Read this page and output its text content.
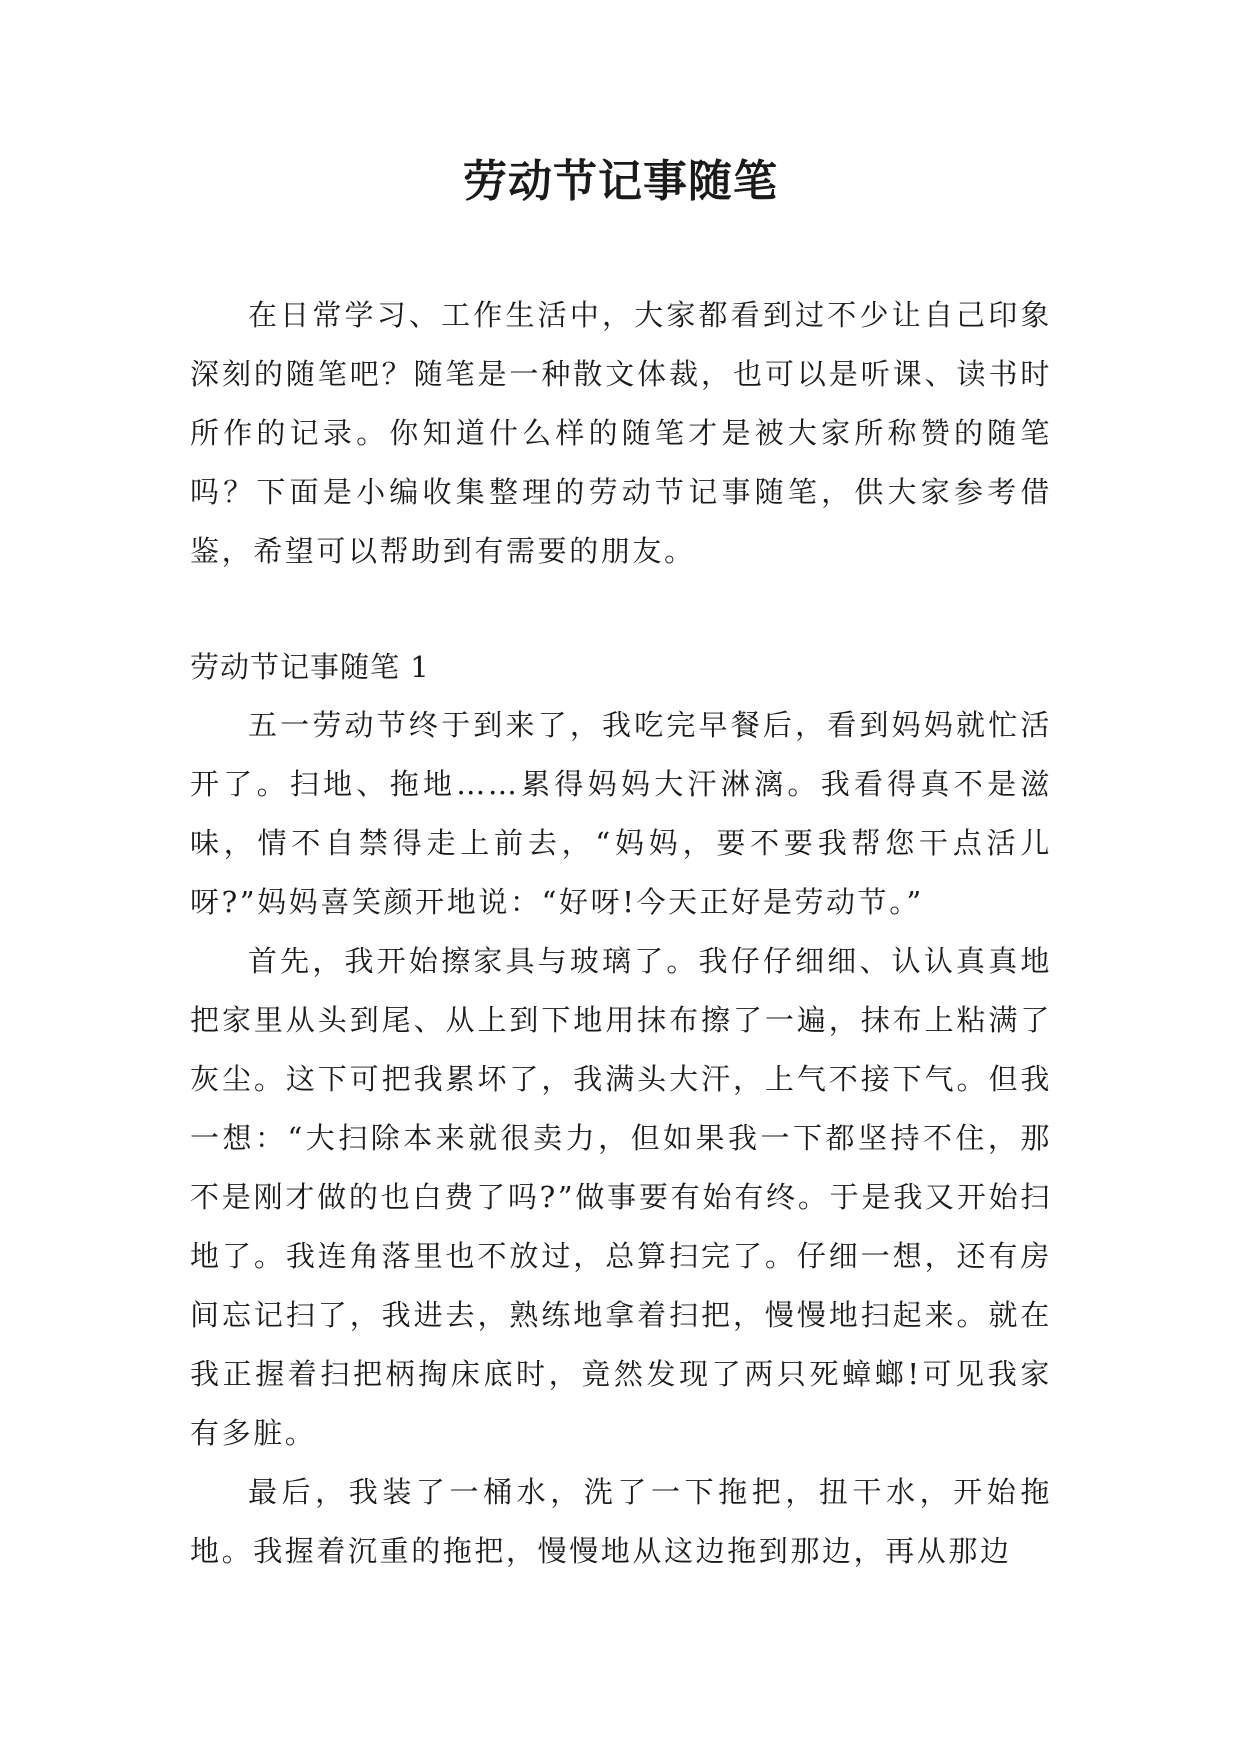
劳动节记事随笔

在日常学习、工作生活中，大家都看到过不少让自己印象深刻的随笔吧？随笔是一种散文体裁，也可以是听课、读书时所作的记录。你知道什么样的随笔才是被大家所称赞的随笔吗？下面是小编收集整理的劳动节记事随笔，供大家参考借鉴，希望可以帮助到有需要的朋友。

劳动节记事随笔 1

五一劳动节终于到来了，我吃完早餐后，看到妈妈就忙活开了。扫地、拖地……累得妈妈大汗淋漓。我看得真不是滋味，情不自禁得走上前去，“妈妈，要不要我帮您干点活儿呀?”妈妈喜笑颜开地说：“好呀!今天正好是劳动节。”

首先，我开始擦家具与玻璃了。我仔仔细细、认认真真地把家里从头到尾、从上到下地用抹布擦了一遍，抹布上粘满了灰尘。这下可把我累坏了，我满头大汗，上气不接下气。但我一想：“大扫除本来就很卖力，但如果我一下都坚持不住，那不是刚才做的也白费了吗?”做事要有始有终。于是我又开始扫地了。我连角落里也不放过，总算扫完了。仔细一想，还有房间忘记扫了，我进去，熟练地拿着扫把，慢慢地扫起来。就在我正握着扫把柄掏床底时，竟然发现了两只死蟑螂!可见我家有多脏。

最后，我装了一桶水，洗了一下拖把，扭干水，开始拖地。我握着沉重的拖把，慢慢地从这边拖到那边，再从那边
